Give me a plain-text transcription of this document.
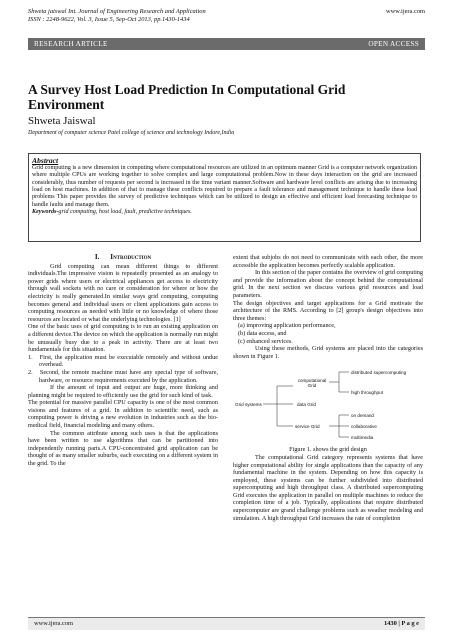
Shweta jaiswal Int. Journal of Engineering Research and Application
ISSN : 2248-9622, Vol. 3, Issue 5, Sep-Oct 2013, pp.1430-1434
www.ijera.com
RESEARCH ARTICLE	OPEN ACCESS
A Survey Host Load Prediction In Computational Grid Environment
Shweta Jaiswal
Department of computer science Patel college of science and technology Indore,India
Abstract
Grid computing is a new dimension in computing where computational resources are utilized in an optimum manner Grid is a computer network organization where multiple CPUs are working together to solve complex and large computational problem.Now in these days interaction on the grid are increased considerably, thus number of requests per second is increased in the time variant manner.Software and hardware level conflicts are arising due to increasing load on host machines. In addition of that to manage these conflicts required to prepare a fault tolerance and management technique to handle these load problems This paper provides the survey of predictive techniques which can be utilized to design an effective and efficient load forecasting technique to handle faults and manage them.
Keywords-grid computing, host load, fault, predictive techniques.
I. Introduction

Grid computing can mean different things to different individuals.The impressive vision is repeatedly presented as an analogy to power grids where users or electrical appliances get access to electricity through wall sockets with no care or consideration for where or how the electricity is really generated.In similar ways grid computing, computing becomes general and individual users or client applications gain access to computing resources as needed with little or no knowledge of where those resources are located or what the underlying technologies. [1]

One of the basic uses of grid computing is to run an existing application on a different device.The device on which the application is normally run might be unusually busy due to a peak in activity. There are at least two fundamentals for this situation.

1. First, the application must be executable remotely and without undue overhead.

2. Second, the remote machine must have any special type of software, hardware, or resource requirements executed by the application.

If the amount of input and output are huge, more thinking and planning might be required to efficiently use the grid for such kind of task.

The potential for massive parallel CPU capacity is one of the most common visions and features of a grid. In addition to scientific need, such as computing power is driving a new evolution in industries such as the bio-medical field, financial modeling and many others.

The common attribute among such uses is that the applications have been written to use algorithms that can be partitioned into independently running parts.A CPU-concentrated grid application can be thought of as many smaller suburbs, each executing on a different system in the grid. To the

extent that subjobs do not need to communicate with each other, the more accessible the application becomes perfectly scalable application.

In this section of the paper contains the overview of grid computing and provide the information about the concept behind the computational grid. In the next section we discuss various grid resources and load parameters.

The design objectives and target applications for a Grid motivate the architecture of the RMS. According to [2] group's design objectives into three themes:

(a) improving application performance,

(b) data access, and

(c) enhanced services.

Using these methods, Grid systems are placed into the categories shown in Figure 1.

Grid systems
computational Grid
data Grid
service Grid
distributed supercomputing
high throughput
on demand
collaborative
multimedia

Figure 1. shows the grid design

The computational Grid category represents systems that have higher computational ability for single applications than the capacity of any fundamental machine in the system. Depending on how this capacity is employed, these systems can be further subdivided into distributed supercomputing and high throughput class. A distributed supercomputing Grid executes the application in parallel on multiple machines to reduce the completion time of a job. Typically, applications that require distributed supercomputer are grand challenge problems such as weather modeling and simulation. A high throughput Grid increases the rate of completion

www.ijera.com	1430 | P a g e
